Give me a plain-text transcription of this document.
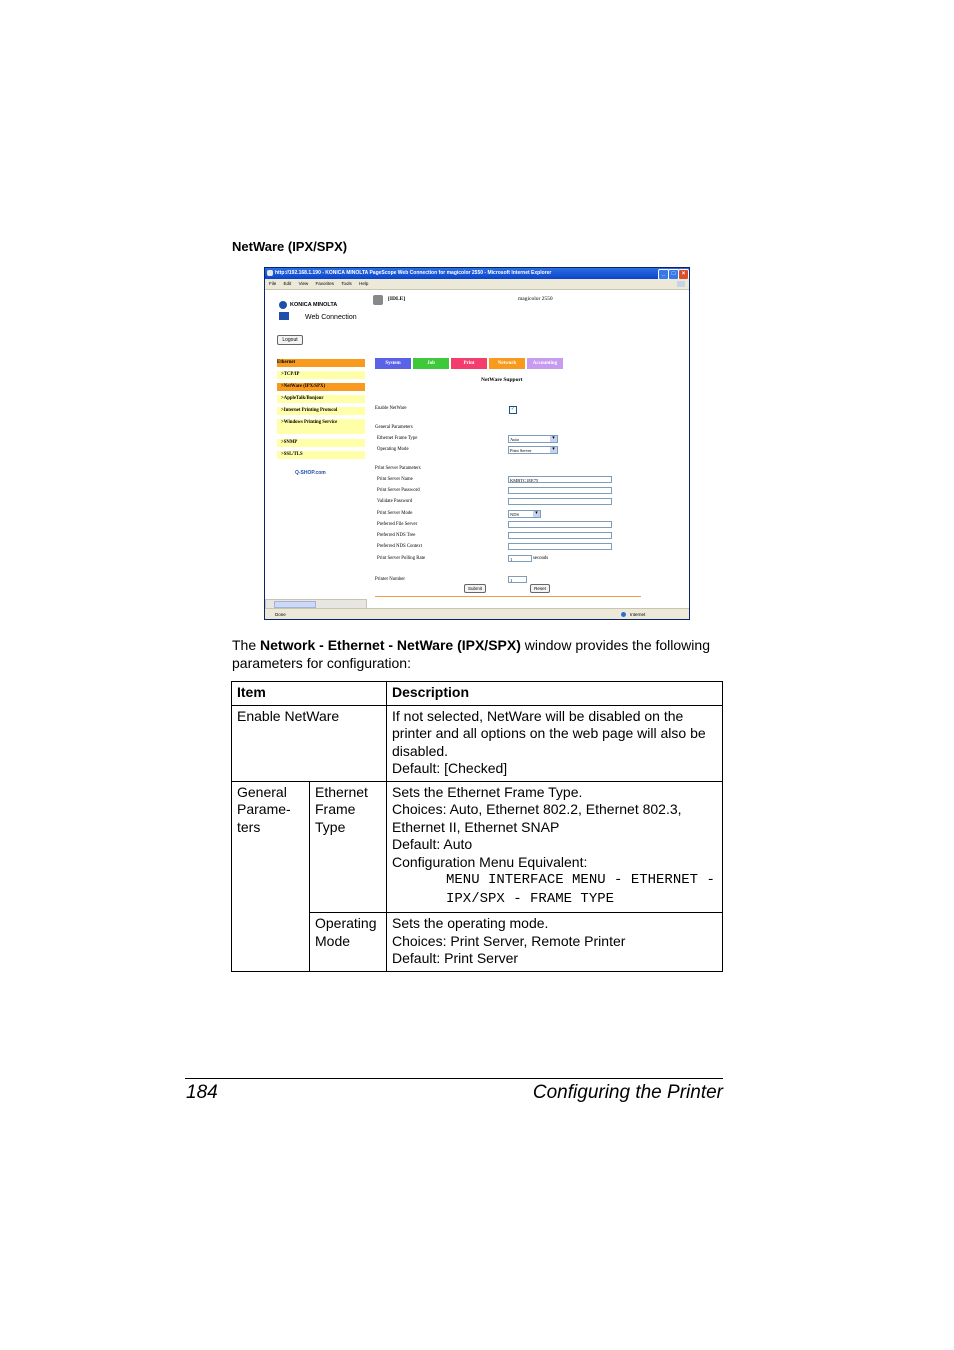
NetWare (IPX/SPX)
http://192.168.1.190 - KONICA MINOLTA PageScope Web Connection for magicolor 2550 - Microsoft Internet Explorer	_	□	×
File Edit View Favorites Tools Help
KONICA MINOLTA
Web Connection
Logout
Ethernet
>TCP/IP
>NetWare (IPX/SPX)
>AppleTalk/Bonjour
>Internet Printing Protocol
>Windows Printing Service
>SNMP
>SSL/TLS
Q-SHOP.com
[IDLE]	magicolor 2550
System	Job	Print	Network	Accounting
NetWare Support
Enable NetWare	✓
General Parameters
Ethernet Frame Type	Auto ▾
Operating Mode	Print Server ▾
Print Server Parameters
Print Server Name	KMBTC1EE75
Print Server Password
Validate Password
Print Server Mode	NDS ▾
Preferred File Server
Preferred NDS Tree
Preferred NDS Context
Print Server Polling Rate	1	seconds
Printer Number	1
Submit	Reset
Done	Internet
The Network - Ethernet - NetWare (IPX/SPX) window provides the following parameters for configuration:
Item		Description
Enable NetWare		If not selected, NetWare will be disabled on the printer and all options on the web page will also be disabled.
Default: [Checked]

General Parame-ters	Ethernet Frame Type	Sets the Ethernet Frame Type.
Choices: Auto, Ethernet 802.2, Ethernet 802.3, Ethernet II, Ethernet SNAP
Default: Auto
Configuration Menu Equivalent:
MENU INTERFACE MENU - ETHERNET - IPX/SPX - FRAME TYPE

	Operating Mode	Sets the operating mode.
Choices: Print Server, Remote Printer
Default: Print Server
184	Configuring the Printer
